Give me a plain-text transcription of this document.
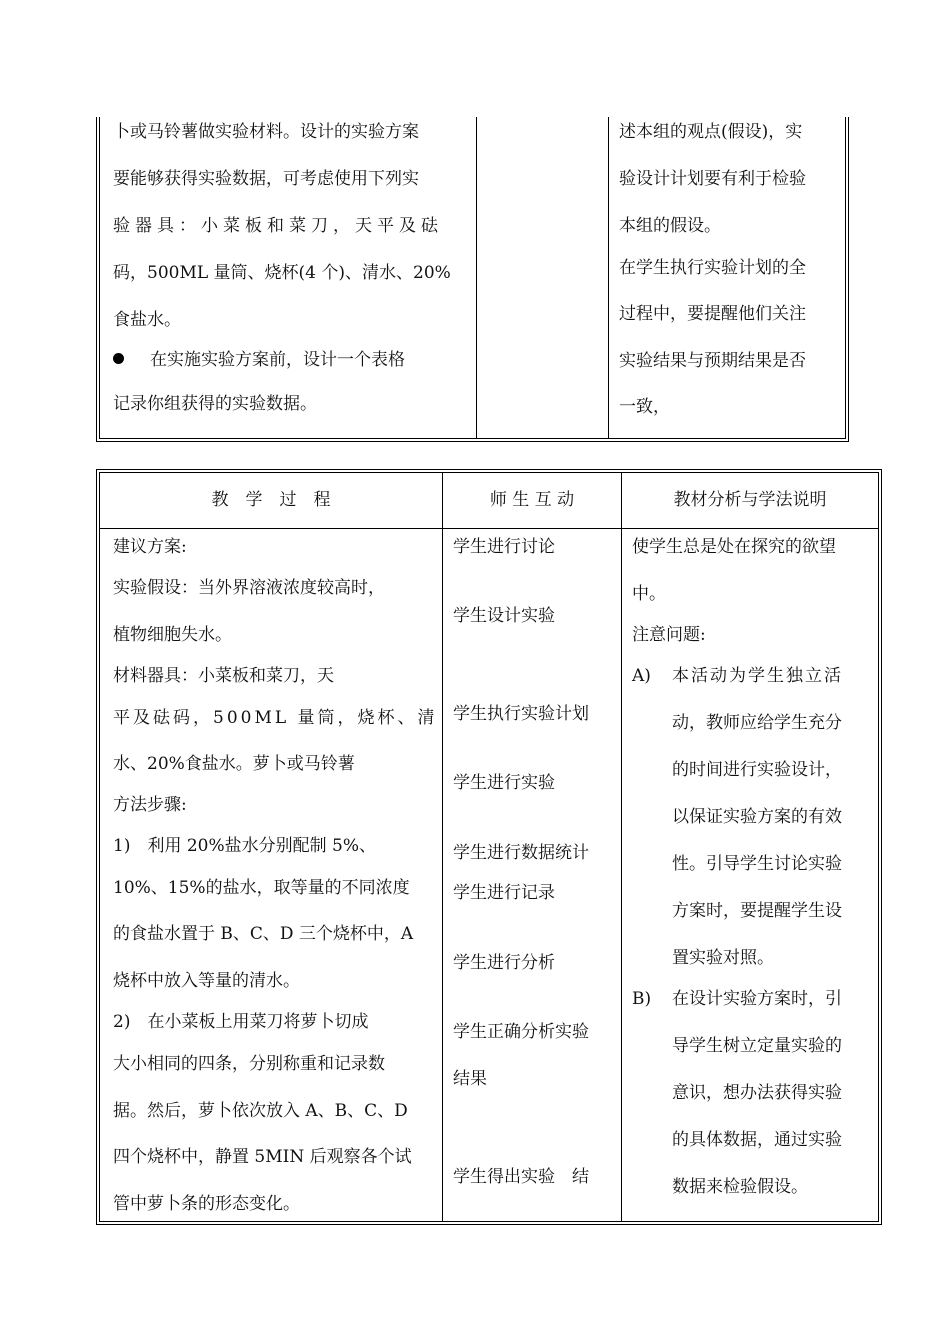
卜或马铃薯做实验材料。设计的实验方案
要能够获得实验数据，可考虑使用下列实
验器具：小菜板和菜刀，天平及砝
码，500ML 量筒、烧杯(4 个)、清水、20%
食盐水。
在实施实验方案前，设计一个表格
记录你组获得的实验数据。
述本组的观点(假设)，实
验设计计划要有利于检验
本组的假设。
在学生执行实验计划的全
过程中，要提醒他们关注
实验结果与预期结果是否
一致，
教　学　过　程
建议方案:
实验假设：当外界溶液浓度较高时，
植物细胞失水。
材料器具：小菜板和菜刀，天
平及砝码，500ML 量筒，烧杯、清
水、20%食盐水。萝卜或马铃薯
方法步骤:
1)　利用 20%盐水分别配制 5%、
10%、15%的盐水，取等量的不同浓度
的食盐水置于 B、C、D 三个烧杯中，A
烧杯中放入等量的清水。
2)　在小菜板上用菜刀将萝卜切成
大小相同的四条，分别称重和记录数
据。然后，萝卜依次放入 A、B、C、D
四个烧杯中，静置 5MIN 后观察各个试
管中萝卜条的形态变化。
师 生 互 动
学生进行讨论
学生设计实验
学生执行实验计划
学生进行实验
学生进行数据统计
学生进行记录
学生进行分析
学生正确分析实验
结果
学生得出实验　结
教材分析与学法说明
使学生总是处在探究的欲望
中。
注意问题:
A) 本活动为学生独立活
动，教师应给学生充分
的时间进行实验设计，
以保证实验方案的有效
性。引导学生讨论实验
方案时，要提醒学生设
置实验对照。
B) 在设计实验方案时，引
导学生树立定量实验的
意识，想办法获得实验
的具体数据，通过实验
数据来检验假设。
